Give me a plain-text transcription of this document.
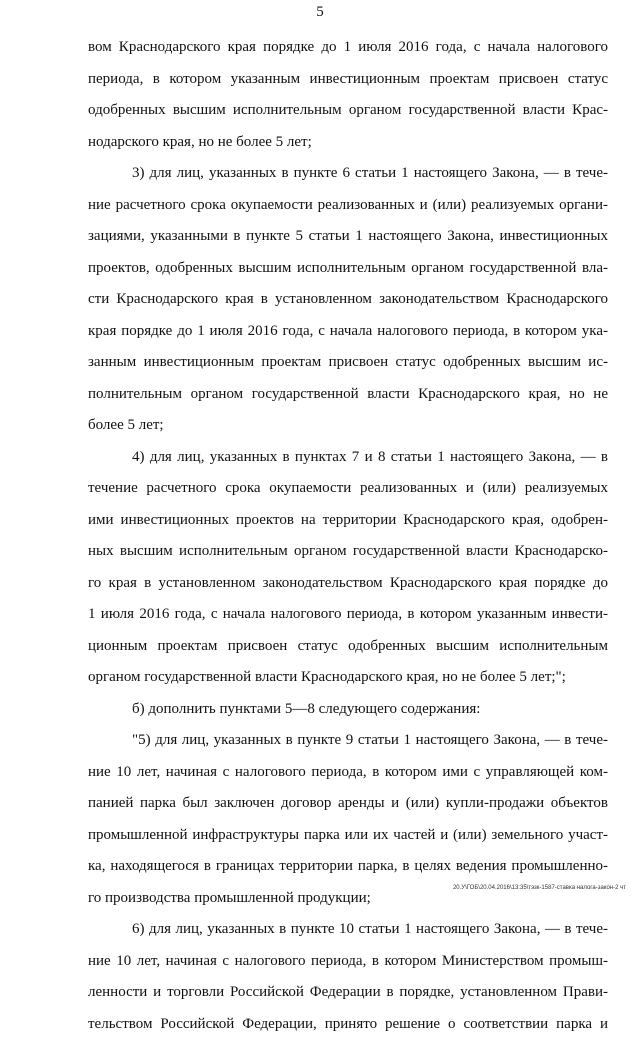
5
вом Краснодарского края порядке до 1 июля 2016 года, с начала налогового
периода, в котором указанным инвестиционным проектам присвоен статус
одобренных высшим исполнительным органом государственной власти Крас-
нодарского края, но не более 5 лет;
3) для лиц, указанных в пункте 6 статьи 1 настоящего Закона, — в тече-
ние расчетного срока окупаемости реализованных и (или) реализуемых органи-
зациями, указанными в пункте 5 статьи 1 настоящего Закона, инвестиционных
проектов, одобренных высшим исполнительным органом государственной вла-
сти Краснодарского края в установленном законодательством Краснодарского
края порядке до 1 июля 2016 года, с начала налогового периода, в котором ука-
занным инвестиционным проектам присвоен статус одобренных высшим ис-
полнительным органом государственной власти Краснодарского края, но не
более 5 лет;
4) для лиц, указанных в пунктах 7 и 8 статьи 1 настоящего Закона, — в
течение расчетного срока окупаемости реализованных и (или) реализуемых
ими инвестиционных проектов на территории Краснодарского края, одобрен-
ных высшим исполнительным органом государственной власти Краснодарско-
го края в установленном законодательством Краснодарского края порядке до
1 июля 2016 года, с начала налогового периода, в котором указанным инвести-
ционным проектам присвоен статус одобренных высшим исполнительным
органом государственной власти Краснодарского края, но не более 5 лет;";
б) дополнить пунктами 5—8 следующего содержания:
"5) для лиц, указанных в пункте 9 статьи 1 настоящего Закона, — в тече-
ние 10 лет, начиная с налогового периода, в котором ими с управляющей ком-
панией парка был заключен договор аренды и (или) купли-продажи объектов
промышленной инфраструктуры парка или их частей и (или) земельного участ-
ка, находящегося в границах территории парка, в целях ведения промышленно-
го производства промышленной продукции;
6) для лиц, указанных в пункте 10 статьи 1 настоящего Закона, — в тече-
ние 10 лет, начиная с налогового периода, в котором Министерством промыш-
ленности и торговли Российской Федерации в порядке, установленном Прави-
тельством Российской Федерации, принято решение о соответствии парка и
20.У\ГОБ\20.04.2016\13:35\тэзк-1587-ставка налога-закон-2 чт
